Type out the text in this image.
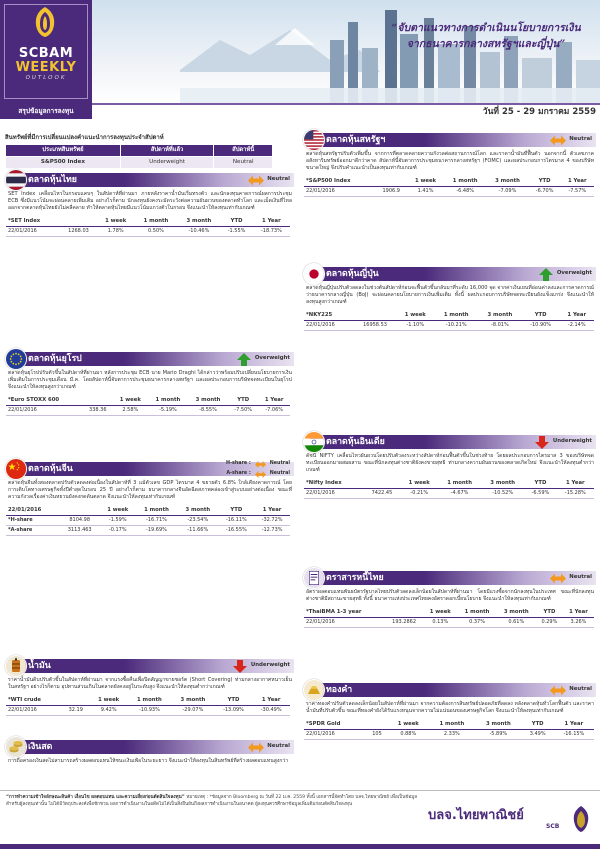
SCBAM
WEEKLY
OUTLOOK
สรุปข้อมูลการลงทุน
“จับตาแนวทางการดำเนินนโยบายการเงิน
จากธนาคารกลางสหรัฐฯและญี่ปุ่น”
วันที่ 25 - 29 มกราคม 2559
สินทรัพย์ที่มีการเปลี่ยนแปลงคำแนะนำการลงทุนประจำสัปดาห์
ประเภทสินทรัพย์	สัปดาห์ที่แล้ว	สัปดาห์นี้
S&P500 Index	Underweight	Neutral
ตลาดหุ้นไทย	Neutral
SET Index เคลื่อนไหวในกรอบแคบๆ ในสัปดาห์ที่ผ่านมา ภายหลังราคาน้ำมันเริ่มทรงตัว และนักลงทุนคาดการณ์ผลการประชุม ECB ซึ่งมีแนวโน้มจะผ่อนคลายเพิ่มเติม อย่างไรก็ตาม นักลงทุนยังคงระมัดระวังต่อความผันผวนของตลาดทั่วโลก และเม็ดเงินที่ไหลออกจากตลาดหุ้นไทยยังไม่คลี่คลาย ทำให้ตลาดหุ้นไทยมีแนวโน้มแกว่งตัวในกรอบ จึงแนะนำให้ลงทุนเท่ากับเกณฑ์
*SET Index		1 week	1 month	3 month	YTD	1 Year
22/01/2016	1268.03	1.78%	0.50%	-10.46%	-1.55%	-18.73%
ตลาดหุ้นยุโรป	Overweight
ตลาดหุ้นยุโรปปรับตัวขึ้นในสัปดาห์ที่ผ่านมา หลังการประชุม ECB นาย Mario Draghi ได้กล่าวว่าพร้อมปรับเปลี่ยนนโยบายการเงินเพิ่มเติมในการประชุมเดือน มี.ค. โดยสัปดาห์นี้จับตาการประชุมธนาคารกลางสหรัฐฯ และผลประกอบการบริษัทจดทะเบียนในยุโรป จึงแนะนำให้ลงทุนสูงกว่าเกณฑ์
*Euro STOXX 600		1 week	1 month	3 month	YTD	1 Year
22/01/2016	338.36	2.58%	-5.19%	-8.55%	-7.50%	-7.06%
ตลาดหุ้นจีน
H-share :	Neutral
A-share :	Neutral
ตลาดหุ้นจีนทั้งสองตลาดปรับตัวลดลงต่อเนื่องในสัปดาห์ที่ 3 แม้ตัวเลข GDP ไตรมาส 4 ขยายตัว 6.8% ใกล้เคียงคาดการณ์ โดยการเติบโตทางเศรษฐกิจทั้งปีต่ำสุดในรอบ 25 ปี อย่างไรก็ตาม ธนาคารกลางจีนอัดฉีดสภาพคล่องเข้าสู่ระบบอย่างต่อเนื่อง ขณะที่ความกังวลเรื่องค่าเงินหยวนยังคงกดดันตลาด จึงแนะนำให้ลงทุนเท่ากับเกณฑ์
22/01/2016		1 week	1 month	3 month	YTD	1 Year
*H-share	8104.98	-1.59%	-16.71%	-23.54%	-16.11%	-32.72%
*A-share	3113.463	-0.17%	-19.69%	-11.66%	-16.55%	-12.73%
น้ำมัน	Underweight
ราคาน้ำมันดิบปรับตัวขึ้นในสัปดาห์ที่ผ่านมา จากแรงซื้อคืนเพื่อปิดสัญญาขายชอร์ต (Short Covering) ท่ามกลางอากาศหนาวเย็นในสหรัฐฯ อย่างไรก็ตาม อุปทานส่วนเกินในตลาดยังคงอยู่ในระดับสูง จึงแนะนำให้ลงทุนต่ำกว่าเกณฑ์
*WTI crude		1 week	1 month	3 month	YTD	1 Year
22/01/2016	32.19	9.42%	-10.93%	-29.07%	-13.09%	-30.49%
เงินสด	Neutral
การถือครองเงินสดไม่สามารถสร้างผลตอบแทนให้ชนะเงินเฟ้อในระยะยาว จึงแนะนำให้ลงทุนในสินทรัพย์ที่สร้างผลตอบแทนสูงกว่า
ตลาดหุ้นสหรัฐฯ	Neutral
ตลาดหุ้นสหรัฐฯปรับตัวเพิ่มขึ้น จากการที่ตลาดคลายความกังวลต่อสถานการณ์โลก และราคาน้ำมันที่ฟื้นตัว นอกจากนี้ ตัวเลขภาคอสังหาริมทรัพย์ออกมาดีกว่าคาด สัปดาห์นี้จับตาการประชุมธนาคารกลางสหรัฐฯ (FOMC) และผลประกอบการไตรมาส 4 ของบริษัทขนาดใหญ่ จึงปรับคำแนะนำเป็นลงทุนเท่ากับเกณฑ์
*S&P500 Index		1 week	1 month	3 month	YTD	1 Year
22/01/2016	1906.9	1.41%	-6.48%	-7.09%	-6.70%	-7.57%
ตลาดหุ้นญี่ปุ่น	Overweight
ตลาดหุ้นญี่ปุ่นปรับตัวลดลงในช่วงต้นสัปดาห์ก่อนจะฟื้นตัวขึ้นกลับมาที่ระดับ 16,000 จุด จากค่าเงินเยนที่อ่อนค่าลงและการคาดการณ์ว่าธนาคารกลางญี่ปุ่น (BoJ) จะผ่อนคลายนโยบายการเงินเพิ่มเติม ทั้งนี้ ผลประกอบการบริษัทจดทะเบียนยังแข็งแกร่ง จึงแนะนำให้ลงทุนสูงกว่าเกณฑ์
*NKY225		1 week	1 month	3 month	YTD	1 Year
22/01/2016	16958.53	-1.10%	-10.21%	-8.01%	-10.90%	-2.14%
ตลาดหุ้นอินเดีย	Underweight
ดัชนี NIFTY เคลื่อนไหวผันผวนโดยปรับตัวลงระหว่างสัปดาห์ก่อนฟื้นตัวขึ้นในช่วงท้าย โดยผลประกอบการไตรมาส 3 ของบริษัทจดทะเบียนออกมาผสมผสาน ขณะที่นักลงทุนต่างชาติยังคงขายสุทธิ ท่ามกลางความผันผวนของตลาดเกิดใหม่ จึงแนะนำให้ลงทุนต่ำกว่าเกณฑ์
*Nifty Index		1 week	1 month	3 month	YTD	1 Year
22/01/2016	7422.45	-0.21%	-4.67%	-10.52%	-6.59%	-15.28%
ตราสารหนี้ไทย	Neutral
อัตราผลตอบแทนพันธบัตรรัฐบาลไทยปรับตัวลดลงเล็กน้อยในสัปดาห์ที่ผ่านมา โดยมีแรงซื้อจากนักลงทุนในประเทศ ขณะที่นักลงทุนต่างชาติมีสถานะขายสุทธิ ทั้งนี้ ธนาคารแห่งประเทศไทยคงอัตราดอกเบี้ยนโยบาย จึงแนะนำให้ลงทุนเท่ากับเกณฑ์
*ThaiBMA 1-3 year		1 week	1 month	3 month	YTD	1 Year
22/01/2016	193.2862	0.13%	0.37%	0.61%	0.29%	3.26%
ทองคำ	Neutral
ราคาทองคำปรับตัวลดลงเล็กน้อยในสัปดาห์ที่ผ่านมา จากความต้องการสินทรัพย์ปลอดภัยที่ลดลง หลังตลาดหุ้นทั่วโลกฟื้นตัว และราคาน้ำมันที่ปรับตัวขึ้น ขณะที่ทองคำยังได้รับแรงหนุนจากความไม่แน่นอนของเศรษฐกิจโลก จึงแนะนำให้ลงทุนเท่ากับเกณฑ์
*SPDR Gold		1 week	1 month	3 month	YTD	1 Year
22/01/2016	105	0.88%	2.33%	-5.89%	3.49%	-16.15%
“การทำความเข้าใจลักษณะสินค้า เงื่อนไข ผลตอบแทน และความเสี่ยงก่อนตัดสินใจลงทุน” หมายเหตุ : *ข้อมูลจาก Bloomberg ณ วันที่ 22 ม.ค. 2559 ทั้งนี้ เอกสารนี้จัดทำโดย บลจ.ไทยพาณิชย์ เพื่อเป็นข้อมูลสำหรับผู้ลงทุนเท่านั้น ไม่ได้มีวัตถุประสงค์เพื่อชักชวน ผลการดำเนินงานในอดีตไม่ได้เป็นสิ่งยืนยันถึงผลการดำเนินงานในอนาคต ผู้ลงทุนควรศึกษาข้อมูลเพิ่มเติมก่อนตัดสินใจลงทุน
บลจ.ไทยพาณิชย์
SCB
